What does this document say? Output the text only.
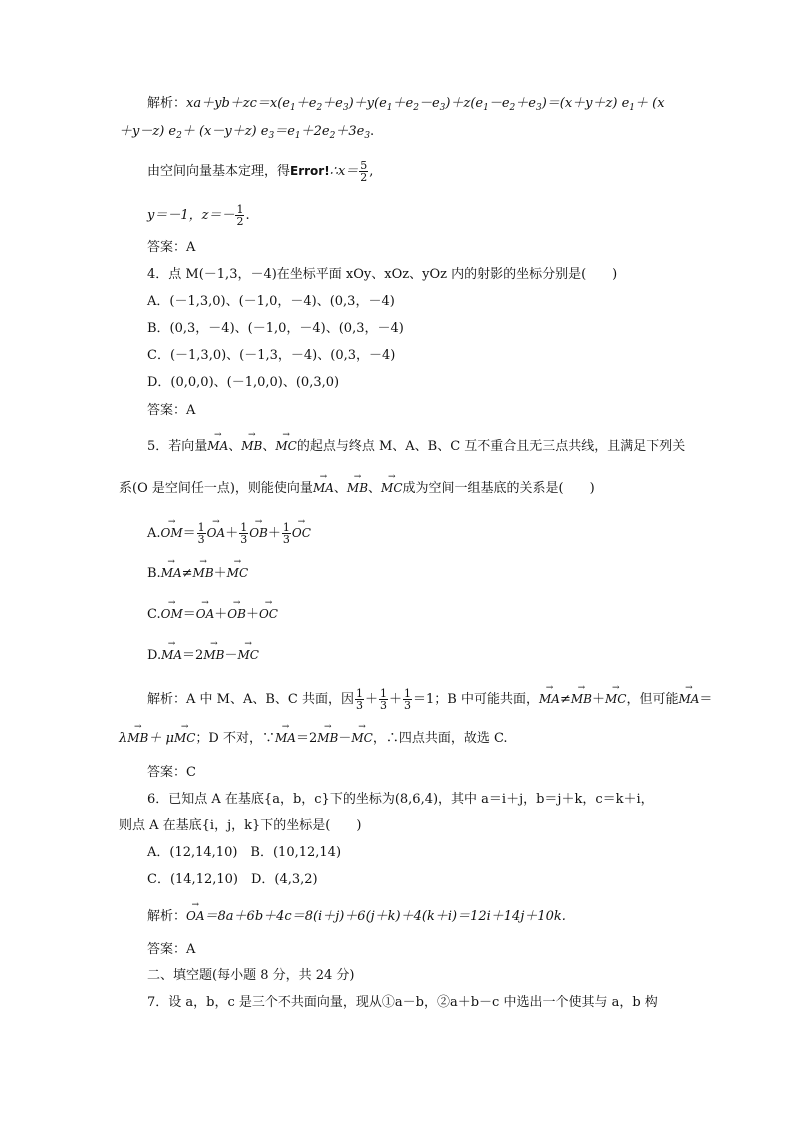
解析：$xa+yb+zc=x(e_1+e_2+e_3)+y(e_1+e_2-e_3)+z(e_1-e_2+e_3)=(x+y+z)$ $e_1+ (x$
＋y－z) $e_2+ (x-y+z)$ $e_3=e_1+2e_2+3e_3$.
由空间向量基本定理，得Error!∴x＝ $\frac{5}{2}$ ,
y＝－1，$z=- \frac{1}{2}$ .
答案：A
4．点 M(－1,3，－4)在坐标平面 xOy、xOz、yOz 内的射影的坐标分别是(　　)
A．(－1,3,0)、(－1,0，－4)、(0,3，－4)
B．(0,3，－4)、(－1,0，－4)、(0,3，－4)
C．(－1,3,0)、(－1,3，－4)、(0,3，－4)
D．(0,0,0)、(－1,0,0)、(0,3,0)
答案：A
5．若向量→ MA、→ MB、→ MC的起点与终点 M、A、B、C 互不重合且无三点共线，且满足下列关
系(O 是空间任一点)，则能使向量→ MA、→ MB、→ MC成为空间一组基底的关系是(　　)
$A.\to OM= \frac{1}{3}$
→ $OA+ \frac{1}{3}$
→ $OB+ \frac{1}{3}$
→ OC
B.→ MA≠→ MB＋→ MC
C.→ OM＝→ OA＋→ OB＋→ OC
D.→ MA＝2→ MB－→ MC
解析：A 中 M、A、B、C 共面，因 $\frac{1}{3} + \frac{1}{3} + \frac{1}{3} =1$；B 中可能共面，→ MA≠→ MB＋→ MC，但可能→ MA＝
λ→ MB＋ μ→ MC；D 不对，∵→ MA＝2→ MB－→ MC，∴四点共面，故选 C.
答案：C
6．已知点 A 在基底{a，b，c}下的坐标为(8,6,4)，其中 a＝i＋j，b＝j＋k，c＝k＋i，
则点 A 在基底{i，j，k}下的坐标是(　　)
A．(12,14,10)　B．(10,12,14)
C．(14,12,10)　D．(4,3,2)
解析：→ OA＝8a＋6b＋4c＝8(i＋j)＋6(j＋k)＋4(k＋i)＝12i＋14j＋10k.
答案：A
二、填空题(每小题 8 分，共 24 分)
7．设 a，b，c 是三个不共面向量，现从①a－b，②a＋b－c 中选出一个使其与 a，b 构
